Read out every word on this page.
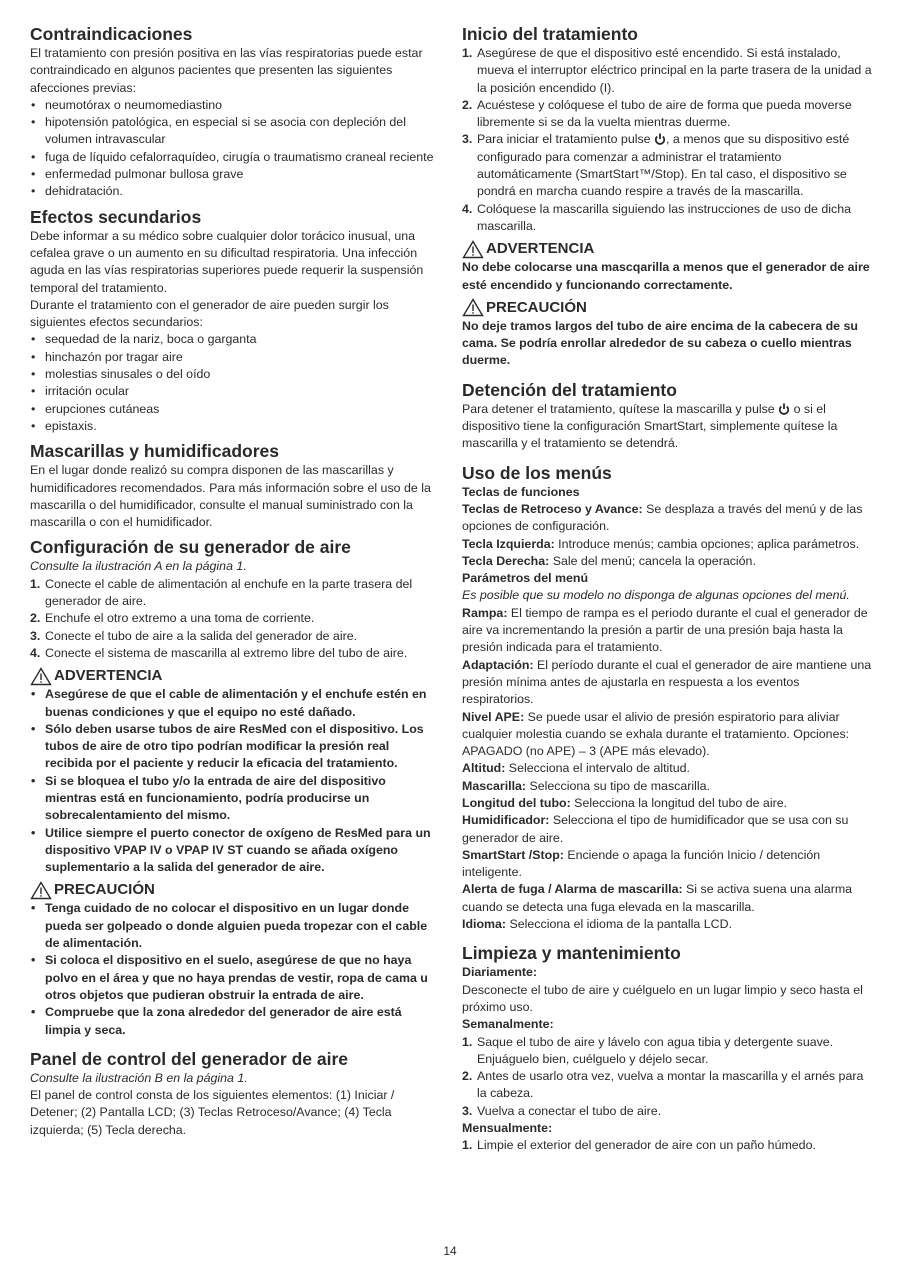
Contraindicaciones

El tratamiento con presión positiva en las vías respiratorias puede estar contraindicado en algunos pacientes que presenten las siguientes afecciones previas:

• neumotórax o neumomediastino
• hipotensión patológica, en especial si se asocia con depleción del volumen intravascular
• fuga de líquido cefalorraquídeo, cirugía o traumatismo craneal reciente
• enfermedad pulmonar bullosa grave
• dehidratación.
Efectos secundarios

Debe informar a su médico sobre cualquier dolor torácico inusual, una cefalea grave o un aumento en su dificultad respiratoria. Una infección aguda en las vías respiratorias superiores puede requerir la suspensión temporal del tratamiento.

Durante el tratamiento con el generador de aire pueden surgir los siguientes efectos secundarios:

• sequedad de la nariz, boca o garganta
• hinchazón por tragar aire
• molestias sinusales o del oído
• irritación ocular
• erupciones cutáneas
• epistaxis.
Mascarillas y humidificadores

En el lugar donde realizó su compra disponen de las mascarillas y humidificadores recomendados. Para más información sobre el uso de la mascarilla o del humidificador, consulte el manual suministrado con la mascarilla o con el humidificador.

Configuración de su generador de aire

Consulte la ilustración A en la página 1.

1. Conecte el cable de alimentación al enchufe en la parte trasera del generador de aire.
2. Enchufe el otro extremo a una toma de corriente.
3. Conecte el tubo de aire a la salida del generador de aire.
4. Conecte el sistema de mascarilla al extremo libre del tubo de aire.
ADVERTENCIA
• Asegúrese de que el cable de alimentación y el enchufe estén en buenas condiciones y que el equipo no esté dañado.
• Sólo deben usarse tubos de aire ResMed con el dispositivo. Los tubos de aire de otro tipo podrían modificar la presión real recibida por el paciente y reducir la eficacia del tratamiento.
• Si se bloquea el tubo y/o la entrada de aire del dispositivo mientras está en funcionamiento, podría producirse un sobrecalentamiento del mismo.
• Utilice siempre el puerto conector de oxígeno de ResMed para un dispositivo VPAP IV o VPAP IV ST cuando se añada oxígeno suplementario a la salida del generador de aire.
PRECAUCIÓN
• Tenga cuidado de no colocar el dispositivo en un lugar donde pueda ser golpeado o donde alguien pueda tropezar con el cable de alimentación.
• Si coloca el dispositivo en el suelo, asegúrese de que no haya polvo en el área y que no haya prendas de vestir, ropa de cama u otros objetos que pudieran obstruir la entrada de aire.
• Compruebe que la zona alrededor del generador de aire está limpia y seca.
Panel de control del generador de aire

Consulte la ilustración B en la página 1.

El panel de control consta de los siguientes elementos: (1) Iniciar / Detener; (2) Pantalla LCD; (3) Teclas Retroceso/Avance; (4) Tecla izquierda; (5) Tecla derecha.

Inicio del tratamiento
1. Asegúrese de que el dispositivo esté encendido. Si está instalado, mueva el interruptor eléctrico principal en la parte trasera de la unidad a la posición encendido (I).
2. Acuéstese y colóquese el tubo de aire de forma que pueda moverse libremente si se da la vuelta mientras duerme.
3. Para iniciar el tratamiento pulse , a menos que su dispositivo esté configurado para comenzar a administrar el tratamiento automáticamente (SmartStart™/Stop). En tal caso, el dispositivo se pondrá en marcha cuando respire a través de la mascarilla.
4. Colóquese la mascarilla siguiendo las instrucciones de uso de dicha mascarilla.
ADVERTENCIA

No debe colocarse una mascqarilla a menos que el generador de aire esté encendido y funcionando correctamente.

PRECAUCIÓN

No deje tramos largos del tubo de aire encima de la cabecera de su cama. Se podría enrollar alrededor de su cabeza o cuello mientras duerme.

Detención del tratamiento

Para detener el tratamiento, quítese la mascarilla y pulse  o si el dispositivo tiene la configuración SmartStart, simplemente quítese la mascarilla y el tratamiento se detendrá.

Uso de los menús

Teclas de funciones

Teclas de Retroceso y Avance: Se desplaza a través del menú y de las opciones de configuración.

Tecla Izquierda: Introduce menús; cambia opciones; aplica parámetros.

Tecla Derecha: Sale del menú; cancela la operación.

Parámetros del menú

Es posible que su modelo no disponga de algunas opciones del menú.

Rampa: El tiempo de rampa es el periodo durante el cual el generador de aire va incrementando la presión a partir de una presión baja hasta la presión indicada para el tratamiento.

Adaptación: El período durante el cual el generador de aire mantiene una presión mínima antes de ajustarla en respuesta a los eventos respiratorios.

Nivel APE: Se puede usar el alivio de presión espiratorio para aliviar cualquier molestia cuando se exhala durante el tratamiento. Opciones: APAGADO (no APE) – 3 (APE más elevado).

Altitud: Selecciona el intervalo de altitud.

Mascarilla: Selecciona su tipo de mascarilla.

Longitud del tubo: Selecciona la longitud del tubo de aire.

Humidificador: Selecciona el tipo de humidificador que se usa con su generador de aire.

SmartStart /Stop: Enciende o apaga la función Inicio / detención inteligente.

Alerta de fuga / Alarma de mascarilla: Si se activa suena una alarma cuando se detecta una fuga elevada en la mascarilla.

Idioma: Selecciona el idioma de la pantalla LCD.

Limpieza y mantenimiento

Diariamente:

Desconecte el tubo de aire y cuélguelo en un lugar limpio y seco hasta el próximo uso.

Semanalmente:

1. Saque el tubo de aire y lávelo con agua tibia y detergente suave. Enjuáguelo bien, cuélguelo y déjelo secar.
2. Antes de usarlo otra vez, vuelva a montar la mascarilla y el arnés para la cabeza.
3. Vuelva a conectar el tubo de aire.

Mensualmente:

1. Limpie el exterior del generador de aire con un paño húmedo.
14
